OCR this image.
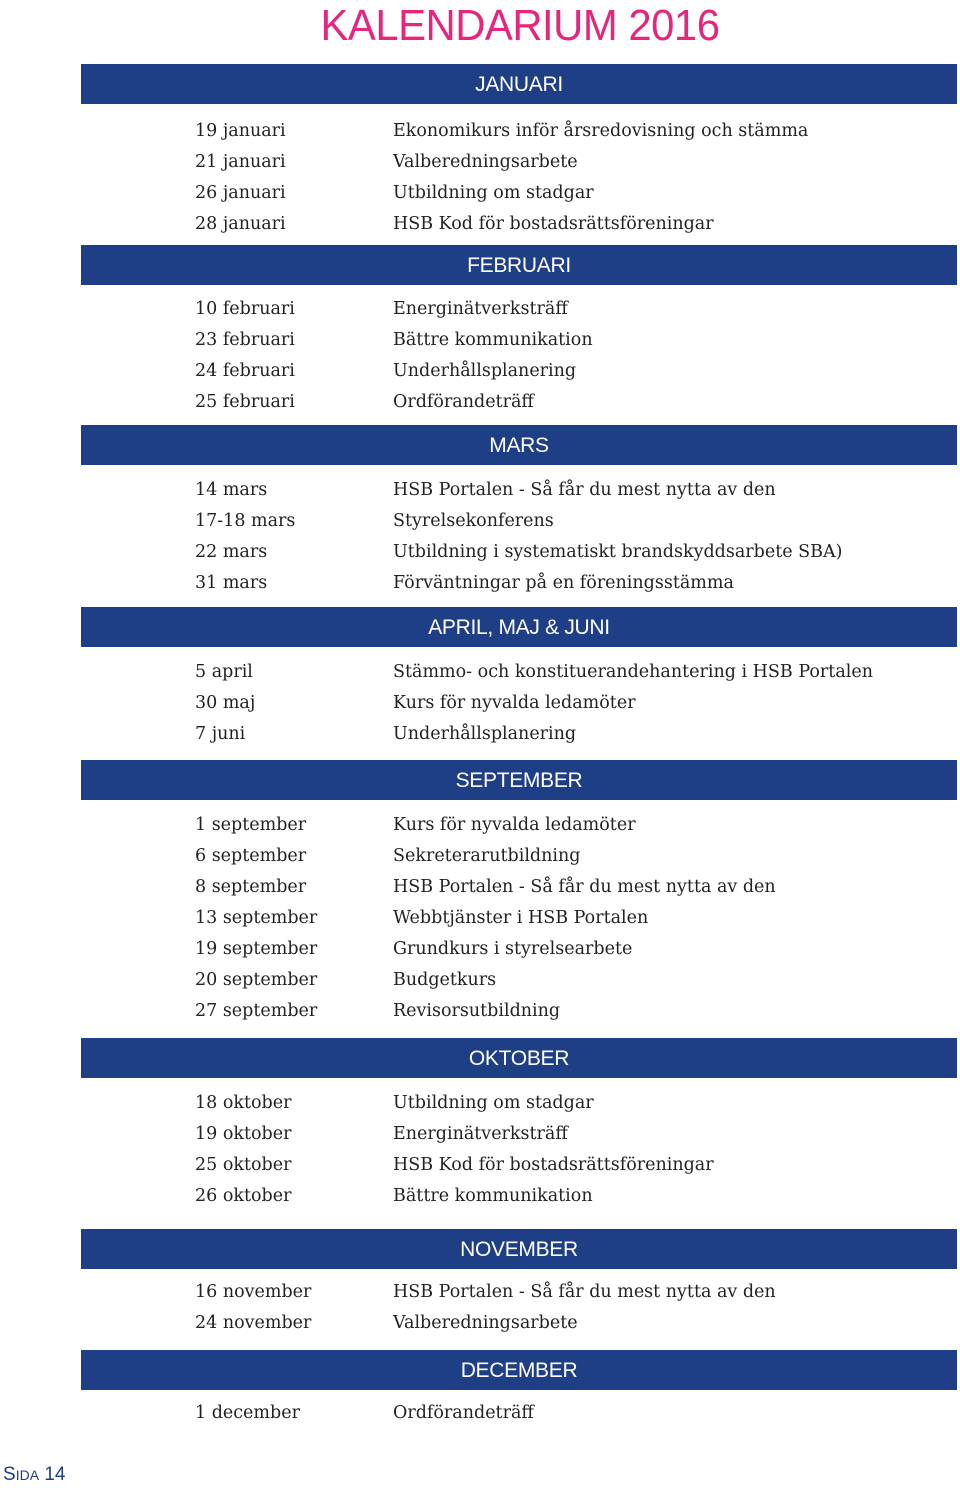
KALENDARIUM 2016
JANUARI
19 januari	Ekonomikurs inför årsredovisning och stämma
21 januari	Valberedningsarbete
26 januari	Utbildning om stadgar
28 januari	HSB Kod för bostadsrättsföreningar
FEBRUARI
10 februari	Energinätverksträff
23 februari	Bättre kommunikation
24 februari	Underhållsplanering
25 februari	Ordförandeträff
MARS
14 mars	HSB Portalen - Så får du mest nytta av den
17-18 mars	Styrelsekonferens
22 mars	Utbildning i systematiskt brandskyddsarbete SBA)
31 mars	Förväntningar på en föreningsstämma
APRIL, MAJ & JUNI
5 april	Stämmo- och konstituerandehantering i HSB Portalen
30 maj	Kurs för nyvalda ledamöter
7 juni	Underhållsplanering
SEPTEMBER
1 september	Kurs för nyvalda ledamöter
6 september	Sekreterarutbildning
8 september	HSB Portalen - Så får du mest nytta av den
13 september	Webbtjänster i HSB Portalen
19 september	Grundkurs i styrelsearbete
20 september	Budgetkurs
27 september	Revisorsutbildning
OKTOBER
18 oktober	Utbildning om stadgar
19 oktober	Energinätverksträff
25 oktober	HSB Kod för bostadsrättsföreningar
26 oktober	Bättre kommunikation
NOVEMBER
16 november	HSB Portalen - Så får du mest nytta av den
24 november	Valberedningsarbete
DECEMBER
1 december	Ordförandeträff
SIDA 14
